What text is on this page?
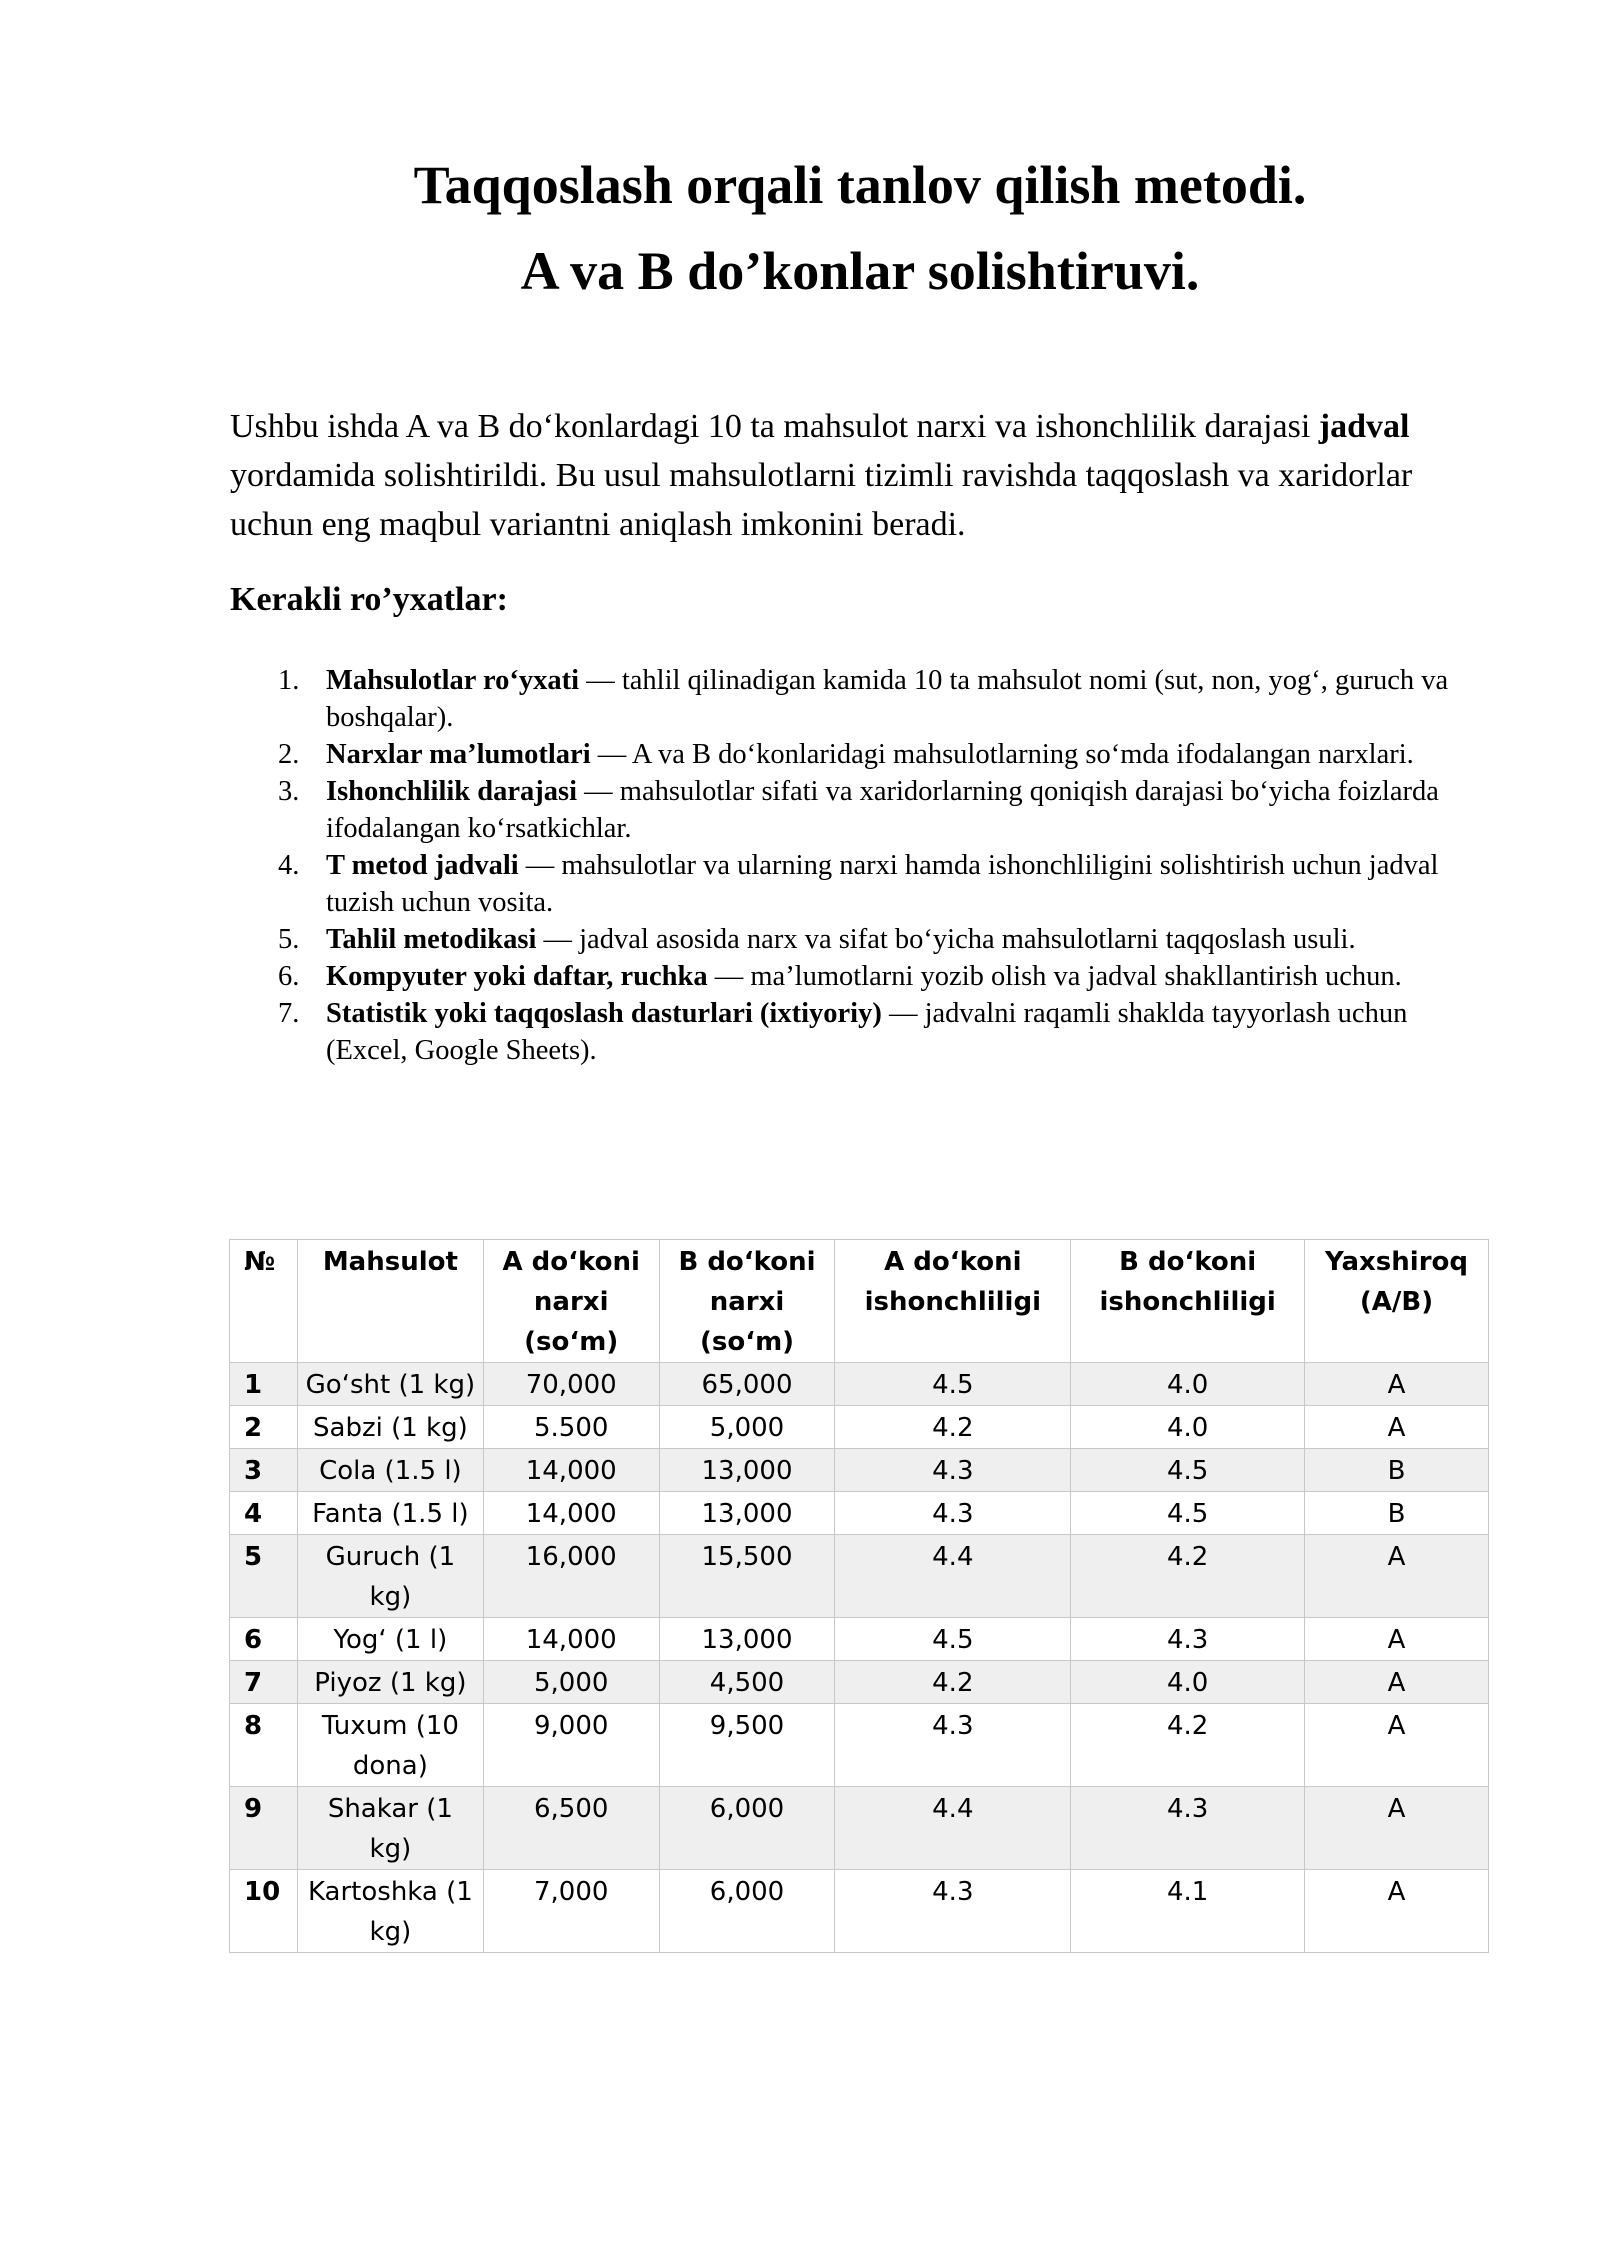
Taqqoslash orqali tanlov qilish metodi.
A va B do’konlar solishtiruvi.

Ushbu ishda A va B do‘konlardagi 10 ta mahsulot narxi va ishonchlilik darajasi jadval yordamida solishtirildi. Bu usul mahsulotlarni tizimli ravishda taqqoslash va xaridorlar uchun eng maqbul variantni aniqlash imkonini beradi.

Kerakli ro’yxatlar:
1. Mahsulotlar ro‘yxati — tahlil qilinadigan kamida 10 ta mahsulot nomi (sut, non, yog‘, guruch va boshqalar).
2. Narxlar ma’lumotlari — A va B do‘konlaridagi mahsulotlarning so‘mda ifodalangan narxlari.
3. Ishonchlilik darajasi — mahsulotlar sifati va xaridorlarning qoniqish darajasi bo‘yicha foizlarda ifodalangan ko‘rsatkichlar.
4. T metod jadvali — mahsulotlar va ularning narxi hamda ishonchliligini solishtirish uchun jadval tuzish uchun vosita.
5. Tahlil metodikasi — jadval asosida narx va sifat bo‘yicha mahsulotlarni taqqoslash usuli.
6. Kompyuter yoki daftar, ruchka — ma’lumotlarni yozib olish va jadval shakllantirish uchun.
7. Statistik yoki taqqoslash dasturlari (ixtiyoriy) — jadvalni raqamli shaklda tayyorlash uchun (Excel, Google Sheets).
№	Mahsulot	A do‘koni narxi (so‘m)	B do‘koni narxi (so‘m)	A do‘koni ishonchliligi	B do‘koni ishonchliligi	Yaxshiroq (A/B)
1	Go‘sht (1 kg)	70,000	65,000	4.5	4.0	A
2	Sabzi (1 kg)	5.500	5,000	4.2	4.0	A
3	Cola (1.5 l)	14,000	13,000	4.3	4.5	B
4	Fanta (1.5 l)	14,000	13,000	4.3	4.5	B
5	Guruch (1 kg)	16,000	15,500	4.4	4.2	A
6	Yog‘ (1 l)	14,000	13,000	4.5	4.3	A
7	Piyoz (1 kg)	5,000	4,500	4.2	4.0	A
8	Tuxum (10 dona)	9,000	9,500	4.3	4.2	A
9	Shakar (1 kg)	6,500	6,000	4.4	4.3	A
10	Kartoshka (1 kg)	7,000	6,000	4.3	4.1	A
